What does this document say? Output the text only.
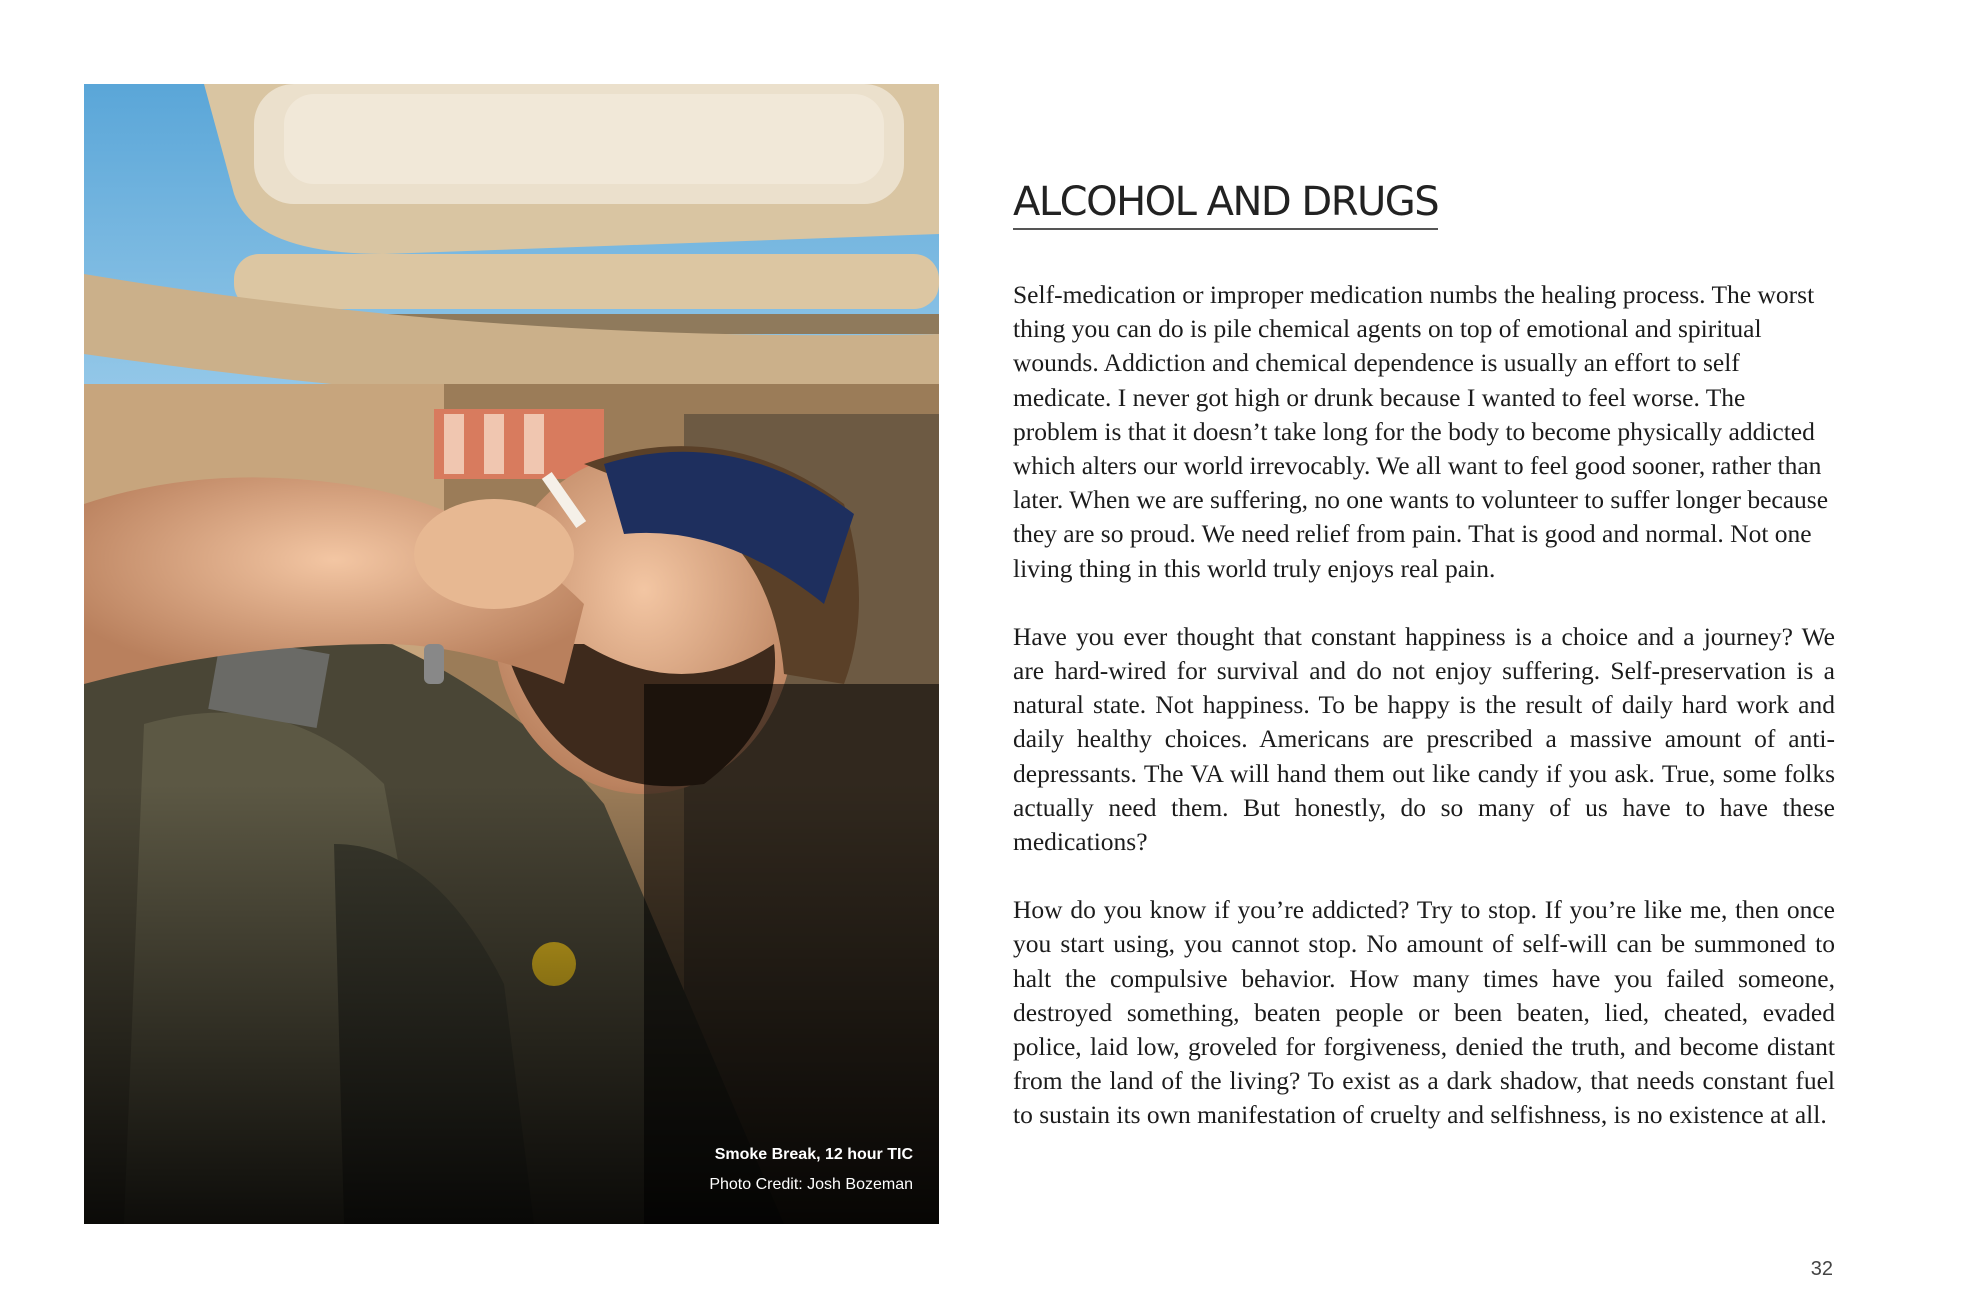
Smoke Break, 12 hour TIC
Photo Credit: Josh Bozeman
ALCOHOL AND DRUGS

Self-medication or improper medication numbs the healing process. The worst thing you can do is pile chemical agents on top of emotional and spiritual wounds. Addiction and chemical dependence is usually an effort to self medicate. I never got high or drunk because I wanted to feel worse. The problem is that it doesn’t take long for the body to become physically addicted which alters our world irrevocably. We all want to feel good sooner, rather than later. When we are suffering, no one wants to volunteer to suffer longer because they are so proud. We need relief from pain. That is good and normal. Not one living thing in this world truly enjoys real pain.

Have you ever thought that constant happiness is a choice and a journey? We are hard-wired for survival and do not enjoy suffering. Self-preservation is a natural state. Not happiness. To be happy is the result of daily hard work and daily healthy choices. Americans are prescribed a massive amount of anti-depressants. The VA will hand them out like candy if you ask. True, some folks actually need them. But honestly, do so many of us have to have these medications?

How do you know if you’re addicted? Try to stop. If you’re like me, then once you start using, you cannot stop. No amount of self-will can be summoned to halt the compulsive behavior. How many times have you failed someone, destroyed something, beaten people or been beaten, lied, cheated, evaded police, laid low, groveled for forgiveness, denied the truth, and become distant from the land of the living? To exist as a dark shadow, that needs constant fuel to sustain its own manifestation of cruelty and selfishness, is no existence at all.

32
